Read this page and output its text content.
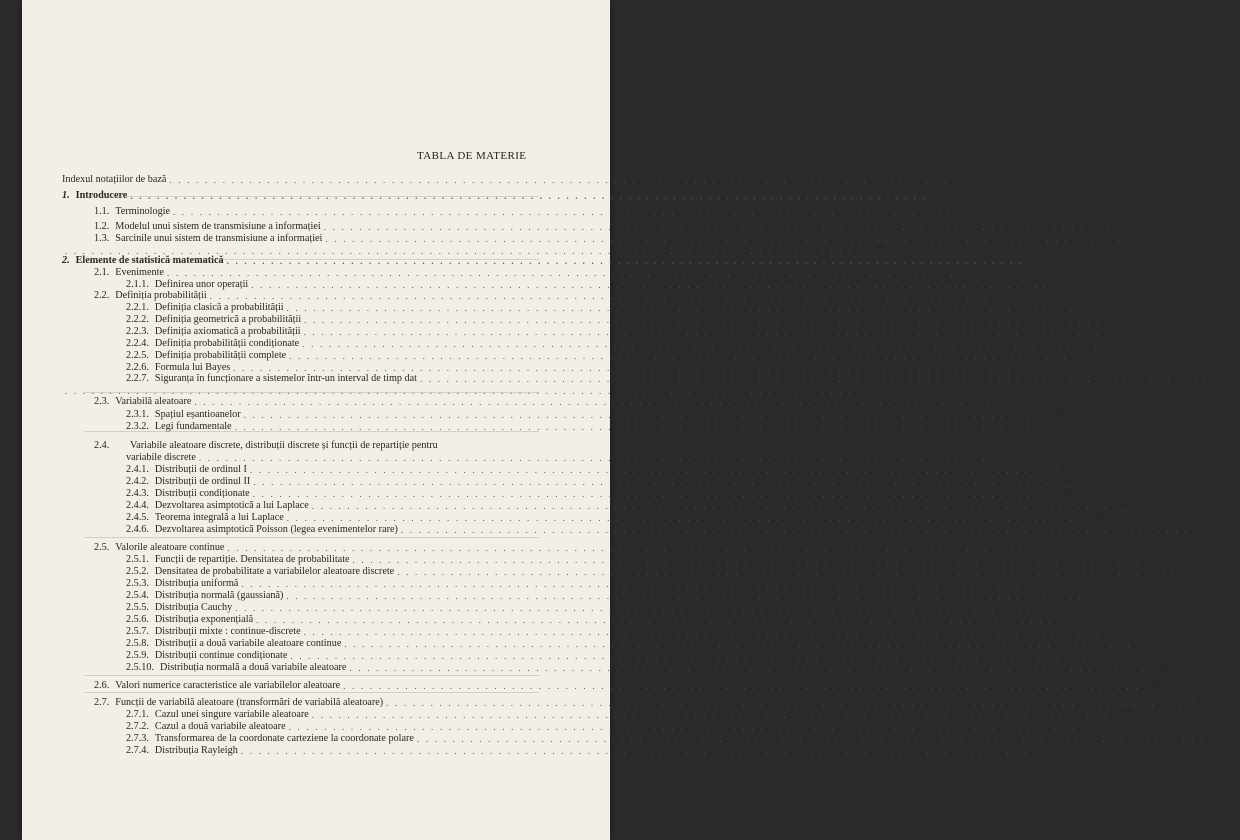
TABLA DE MATERIE
Indexul notațiilor de bază . . . . . . . . . . . . . . . . . . . . . . . . . . . . . . . . . . . . . . . . . . . . . . . . . . . . . . . . . . . . . . . . . . . . . . . . . . . . . . . . . . . . . . . . . .	14
1. Introducere . . . . . . . . . . . . . . . . . . . . . . . . . . . . . . . . . . . . . . . . . . . . . . . . . . . . . . . . . . . . . . . . . . . . . . . . . . . . . . . . . . . . . . . . . .
1.1. Terminologie . . . . . . . . . . . . . . . . . . . . . . . . . . . . . . . . . . . . . . . . . . . . . . . . . . . . . . . . . . . . . . . . . . . . . . . . . . . . . . . . . . . . . . . . . .	17
1.2. Modelul unui sistem de transmisiune a informației . . . . . . . . . . . . . . . . . . . . . . . . . . . . . . . . . . . . . . . . . . . . . . . . . . . . . . . . . . . . . . . . . . . . . . . . . . . . . . . . . . . . . . . . . .	18
1.3. Sarcinile unui sistem de transmisiune a informației . . . . . . . . . . . . . . . . . . . . . . . . . . . . . . . . . . . . . . . . . . . . . . . . . . . . . . . . . . . . . . . . . . . . . . . . . . . . . . . . . . . . . . . . . .	19
. . . . . . . . . . . . . . . . . . . . . . . . . . . . . . . . . . . . . . . . . . . . . . . . . . . . . . . . . . . . . . . . . . . . . . . . . . . . . . . . . . . . . . . . . .	21
2. Elemente de statistică matematică . . . . . . . . . . . . . . . . . . . . . . . . . . . . . . . . . . . . . . . . . . . . . . . . . . . . . . . . . . . . . . . . . . . . . . . . . . . . . . . . . . . . . . . . . .
2.1. Evenimente . . . . . . . . . . . . . . . . . . . . . . . . . . . . . . . . . . . . . . . . . . . . . . . . . . . . . . . . . . . . . . . . . . . . . . . . . . . . . . . . . . . . . . . . . .	23
2.1.1. Definirea unor operații . . . . . . . . . . . . . . . . . . . . . . . . . . . . . . . . . . . . . . . . . . . . . . . . . . . . . . . . . . . . . . . . . . . . . . . . . . . . . . . . . . . . . . . . . .	23
2.2. Definiția probabilității . . . . . . . . . . . . . . . . . . . . . . . . . . . . . . . . . . . . . . . . . . . . . . . . . . . . . . . . . . . . . . . . . . . . . . . . . . . . . . . . . . . . . . . . . .	23
2.2.1. Definiția clasică a probabilității . . . . . . . . . . . . . . . . . . . . . . . . . . . . . . . . . . . . . . . . . . . . . . . . . . . . . . . . . . . . . . . . . . . . . . . . . . . . . . . . . . . . . . . . . .	26
2.2.2. Definiția geometrică a probabilității . . . . . . . . . . . . . . . . . . . . . . . . . . . . . . . . . . . . . . . . . . . . . . . . . . . . . . . . . . . . . . . . . . . . . . . . . . . . . . . . . . . . . . . . . .	26
2.2.3. Definiția axiomatică a probabilității . . . . . . . . . . . . . . . . . . . . . . . . . . . . . . . . . . . . . . . . . . . . . . . . . . . . . . . . . . . . . . . . . . . . . . . . . . . . . . . . . . . . . . . . . .	26
2.2.4. Definiția probabilității condiționate . . . . . . . . . . . . . . . . . . . . . . . . . . . . . . . . . . . . . . . . . . . . . . . . . . . . . . . . . . . . . . . . . . . . . . . . . . . . . . . . . . . . . . . . . .	27
2.2.5. Definiția probabilității complete . . . . . . . . . . . . . . . . . . . . . . . . . . . . . . . . . . . . . . . . . . . . . . . . . . . . . . . . . . . . . . . . . . . . . . . . . . . . . . . . . . . . . . . . . .	29
2.2.6. Formula lui Bayes . . . . . . . . . . . . . . . . . . . . . . . . . . . . . . . . . . . . . . . . . . . . . . . . . . . . . . . . . . . . . . . . . . . . . . . . . . . . . . . . . . . . . . . . . .	32
2.2.7. Siguranța în funcționare a sistemelor într-un interval de timp dat . . . . . . . . . . . . . . . . . . . . . . . . . . . . . . . . . . . . . . . . . . . . . . . . . . . . . . . . . . . . . . . . . . . . . . . . . . . . . . . . . . . . . . . . . .	33
. . . . . . . . . . . . . . . . . . . . . . . . . . . . . . . . . . . . . . . . . . . . . . . . . . . . . . . . . . . . . . . . . . . . . . . . . . . . . . . . . . . . . . . . . .	34
2.3. Variabilă aleatoare . . . . . . . . . . . . . . . . . . . . . . . . . . . . . . . . . . . . . . . . . . . . . . . . . . . . . . . . . . . . . . . . . . . . . . . . . . . . . . . . . . . . . . . . . .	36
2.3.1. Spațiul eșantioanelor . . . . . . . . . . . . . . . . . . . . . . . . . . . . . . . . . . . . . . . . . . . . . . . . . . . . . . . . . . . . . . . . . . . . . . . . . . . . . . . . . . . . . . . . . .	36
2.3.2. Legi fundamentale . . . . . . . . . . . . . . . . . . . . . . . . . . . . . . . . . . . . . . . . . . . . . . . . . . . . . . . . . . . . . . . . . . . . . . . . . . . . . . . . . . . . . . . . . .	39
2.4.	Variabile aleatoare discrete, distribuții discrete și funcții de repartiție pentru
variabile discrete . . . . . . . . . . . . . . . . . . . . . . . . . . . . . . . . . . . . . . . . . . . . . . . . . . . . . . . . . . . . . . . . . . . . . . . . . . . . . . . . . . . . . . . . . .	41
2.4.1. Distribuții de ordinul I . . . . . . . . . . . . . . . . . . . . . . . . . . . . . . . . . . . . . . . . . . . . . . . . . . . . . . . . . . . . . . . . . . . . . . . . . . . . . . . . . . . . . . . . . .	41
2.4.2. Distribuții de ordinul II . . . . . . . . . . . . . . . . . . . . . . . . . . . . . . . . . . . . . . . . . . . . . . . . . . . . . . . . . . . . . . . . . . . . . . . . . . . . . . . . . . . . . . . . . .	44
2.4.3. Distribuții condiționate . . . . . . . . . . . . . . . . . . . . . . . . . . . . . . . . . . . . . . . . . . . . . . . . . . . . . . . . . . . . . . . . . . . . . . . . . . . . . . . . . . . . . . . . . .	46
2.4.4. Dezvoltarea asimptotică a lui Laplace . . . . . . . . . . . . . . . . . . . . . . . . . . . . . . . . . . . . . . . . . . . . . . . . . . . . . . . . . . . . . . . . . . . . . . . . . . . . . . . . . . . . . . . . . .	46
2.4.5. Teorema integrală a lui Laplace . . . . . . . . . . . . . . . . . . . . . . . . . . . . . . . . . . . . . . . . . . . . . . . . . . . . . . . . . . . . . . . . . . . . . . . . . . . . . . . . . . . . . . . . . .	49
2.4.6. Dezvoltarea asimptotică Poisson (legea evenimentelor rare) . . . . . . . . . . . . . . . . . . . . . . . . . . . . . . . . . . . . . . . . . . . . . . . . . . . . . . . . . . . . . . . . . . . . . . . . . . . . . . . . . . . . . . . . . .	51
2.5. Valorile aleatoare continue . . . . . . . . . . . . . . . . . . . . . . . . . . . . . . . . . . . . . . . . . . . . . . . . . . . . . . . . . . . . . . . . . . . . . . . . . . . . . . . . . . . . . . . . . .	52
2.5.1. Funcții de repartiție. Densitatea de probabilitate . . . . . . . . . . . . . . . . . . . . . . . . . . . . . . . . . . . . . . . . . . . . . . . . . . . . . . . . . . . . . . . . . . . . . . . . . . . . . . . . . . . . . . . . . .	52
2.5.2. Densitatea de probabilitate a variabilelor aleatoare discrete . . . . . . . . . . . . . . . . . . . . . . . . . . . . . . . . . . . . . . . . . . . . . . . . . . . . . . . . . . . . . . . . . . . . . . . . . . . . . . . . . . . . . . . . . .	53
2.5.3. Distribuția uniformă . . . . . . . . . . . . . . . . . . . . . . . . . . . . . . . . . . . . . . . . . . . . . . . . . . . . . . . . . . . . . . . . . . . . . . . . . . . . . . . . . . . . . . . . . .	54
2.5.4. Distribuția normală (gaussiană) . . . . . . . . . . . . . . . . . . . . . . . . . . . . . . . . . . . . . . . . . . . . . . . . . . . . . . . . . . . . . . . . . . . . . . . . . . . . . . . . . . . . . . . . . .	55
2.5.5. Distribuția Cauchy . . . . . . . . . . . . . . . . . . . . . . . . . . . . . . . . . . . . . . . . . . . . . . . . . . . . . . . . . . . . . . . . . . . . . . . . . . . . . . . . . . . . . . . . . .	56
2.5.6. Distribuția exponențială . . . . . . . . . . . . . . . . . . . . . . . . . . . . . . . . . . . . . . . . . . . . . . . . . . . . . . . . . . . . . . . . . . . . . . . . . . . . . . . . . . . . . . . . . .	56
2.5.7. Distribuții mixte : continue-discrete . . . . . . . . . . . . . . . . . . . . . . . . . . . . . . . . . . . . . . . . . . . . . . . . . . . . . . . . . . . . . . . . . . . . . . . . . . . . . . . . . . . . . . . . . .	56
2.5.8. Distribuții a două variabile aleatoare continue . . . . . . . . . . . . . . . . . . . . . . . . . . . . . . . . . . . . . . . . . . . . . . . . . . . . . . . . . . . . . . . . . . . . . . . . . . . . . . . . . . . . . . . . . .	57
2.5.9. Distribuții continue condiționate . . . . . . . . . . . . . . . . . . . . . . . . . . . . . . . . . . . . . . . . . . . . . . . . . . . . . . . . . . . . . . . . . . . . . . . . . . . . . . . . . . . . . . . . . .	58
2.5.10. Distribuția normală a două variabile aleatoare . . . . . . . . . . . . . . . . . . . . . . . . . . . . . . . . . . . . . . . . . . . . . . . . . . . . . . . . . . . . . . . . . . . . . . . . . . . . . . . . . . . . . . . . . .	60
2.6. Valori numerice caracteristice ale variabilelor aleatoare . . . . . . . . . . . . . . . . . . . . . . . . . . . . . . . . . . . . . . . . . . . . . . . . . . . . . . . . . . . . . . . . . . . . . . . . . . . . . . . . . . . . . . . . . .	60
2.7. Funcții de variabilă aleatoare (transformări de variabilă aleatoare) . . . . . . . . . . . . . . . . . . . . . . . . . . . . . . . . . . . . . . . . . . . . . . . . . . . . . . . . . . . . . . . . . . . . . . . . . . . . . . . . . . . . . . . . . .	63
2.7.1. Cazul unei singure variabile aleatoare . . . . . . . . . . . . . . . . . . . . . . . . . . . . . . . . . . . . . . . . . . . . . . . . . . . . . . . . . . . . . . . . . . . . . . . . . . . . . . . . . . . . . . . . . .	63
2.7.2. Cazul a două variabile aleatoare . . . . . . . . . . . . . . . . . . . . . . . . . . . . . . . . . . . . . . . . . . . . . . . . . . . . . . . . . . . . . . . . . . . . . . . . . . . . . . . . . . . . . . . . . .	65
2.7.3. Transformarea de la coordonate carteziene la coordonate polare . . . . . . . . . . . . . . . . . . . . . . . . . . . . . . . . . . . . . . . . . . . . . . . . . . . . . . . . . . . . . . . . . . . . . . . . . . . . . . . . . . . . . . . . . .	67
2.7.4. Distribuția Rayleigh . . . . . . . . . . . . . . . . . . . . . . . . . . . . . . . . . . . . . . . . . . . . . . . . . . . . . . . . . . . . . . . . . . . . . . . . . . . . . . . . . . . . . . . . . .	67
